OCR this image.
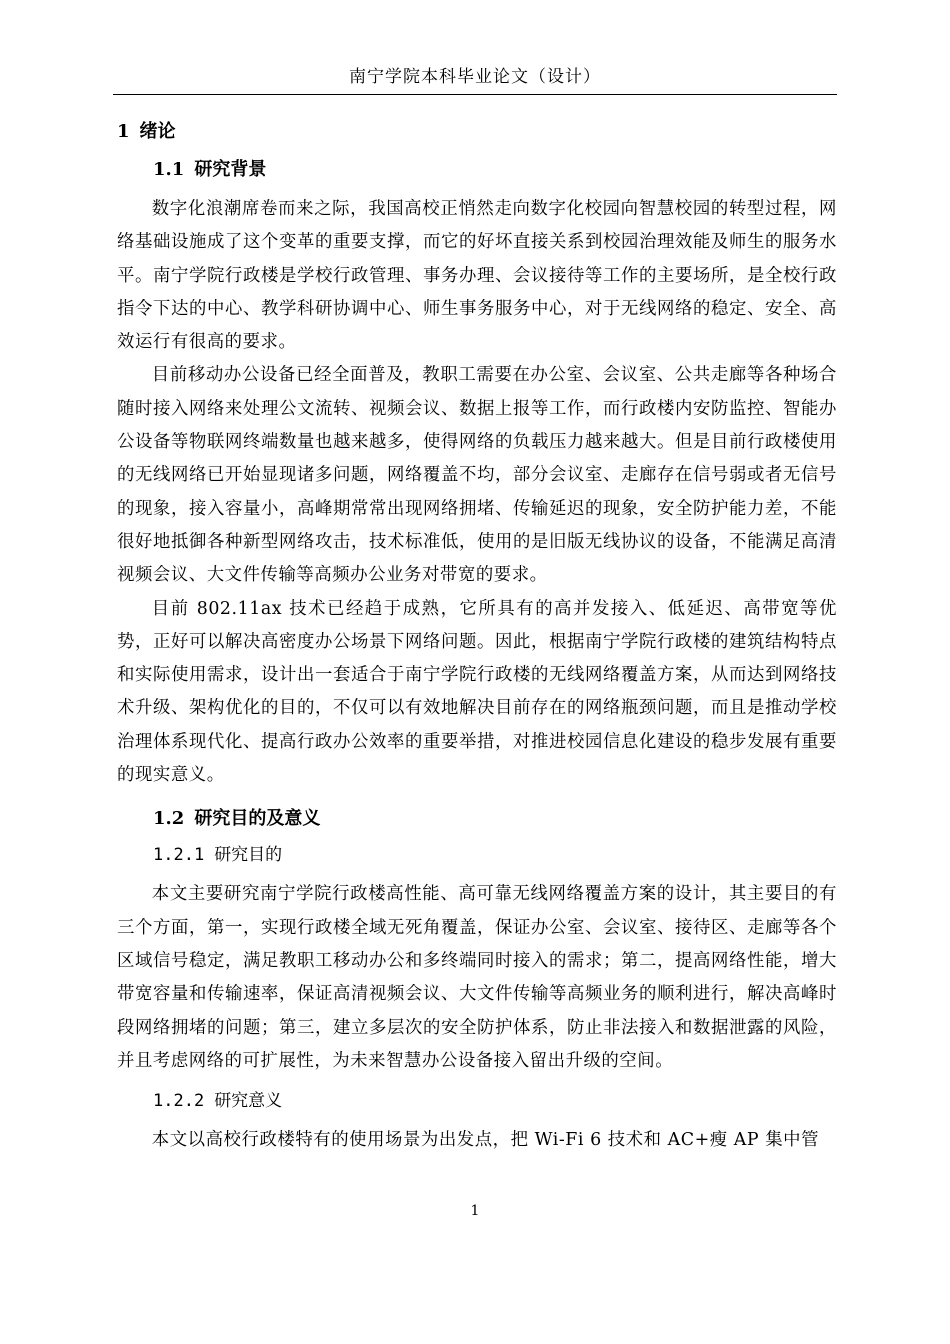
南宁学院本科毕业论文（设计）
1 绪论
1.1 研究背景

数字化浪潮席卷而来之际，我国高校正悄然走向数字化校园向智慧校园的转型过程，网络基础设施成了这个变革的重要支撑，而它的好坏直接关系到校园治理效能及师生的服务水平。南宁学院行政楼是学校行政管理、事务办理、会议接待等工作的主要场所，是全校行政指令下达的中心、教学科研协调中心、师生事务服务中心，对于无线网络的稳定、安全、高效运行有很高的要求。

目前移动办公设备已经全面普及，教职工需要在办公室、会议室、公共走廊等各种场合随时接入网络来处理公文流转、视频会议、数据上报等工作，而行政楼内安防监控、智能办公设备等物联网终端数量也越来越多，使得网络的负载压力越来越大。但是目前行政楼使用的无线网络已开始显现诸多问题，网络覆盖不均，部分会议室、走廊存在信号弱或者无信号的现象，接入容量小，高峰期常常出现网络拥堵、传输延迟的现象，安全防护能力差，不能很好地抵御各种新型网络攻击，技术标准低，使用的是旧版无线协议的设备，不能满足高清视频会议、大文件传输等高频办公业务对带宽的要求。

目前 802.11ax 技术已经趋于成熟，它所具有的高并发接入、低延迟、高带宽等优势，正好可以解决高密度办公场景下网络问题。因此，根据南宁学院行政楼的建筑结构特点和实际使用需求，设计出一套适合于南宁学院行政楼的无线网络覆盖方案，从而达到网络技术升级、架构优化的目的，不仅可以有效地解决目前存在的网络瓶颈问题，而且是推动学校治理体系现代化、提高行政办公效率的重要举措，对推进校园信息化建设的稳步发展有重要的现实意义。

1.2 研究目的及意义
1.2.1 研究目的

本文主要研究南宁学院行政楼高性能、高可靠无线网络覆盖方案的设计，其主要目的有三个方面，第一，实现行政楼全域无死角覆盖，保证办公室、会议室、接待区、走廊等各个区域信号稳定，满足教职工移动办公和多终端同时接入的需求；第二，提高网络性能，增大带宽容量和传输速率，保证高清视频会议、大文件传输等高频业务的顺利进行，解决高峰时段网络拥堵的问题；第三，建立多层次的安全防护体系，防止非法接入和数据泄露的风险，并且考虑网络的可扩展性，为未来智慧办公设备接入留出升级的空间。

1.2.2 研究意义

本文以高校行政楼特有的使用场景为出发点，把 Wi-Fi 6 技术和 AC+瘦 AP 集中管

1
